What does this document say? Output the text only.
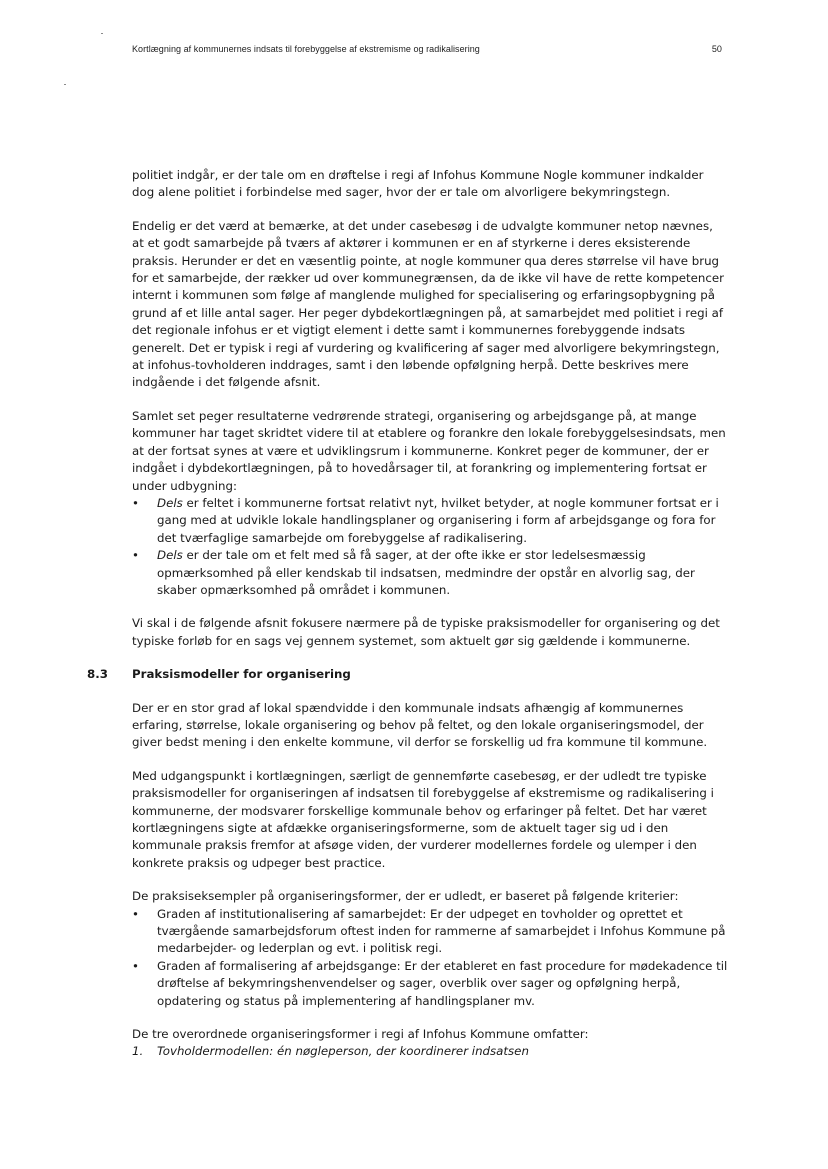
Kortlægning af kommunernes indsats til forebyggelse af ekstremisme og radikalisering	50

politiet indgår, er der tale om en drøftelse i regi af Infohus Kommune Nogle kommuner indkalder dog alene politiet i forbindelse med sager, hvor der er tale om alvorligere bekymringstegn.

Endelig er det værd at bemærke, at det under casebesøg i de udvalgte kommuner netop nævnes, at et godt samarbejde på tværs af aktører i kommunen er en af styrkerne i deres eksisterende praksis. Herunder er det en væsentlig pointe, at nogle kommuner qua deres størrelse vil have brug for et samarbejde, der rækker ud over kommunegrænsen, da de ikke vil have de rette kompetencer internt i kommunen som følge af manglende mulighed for specialisering og erfaringsopbygning på grund af et lille antal sager. Her peger dybdekortlægningen på, at samarbejdet med politiet i regi af det regionale infohus er et vigtigt element i dette samt i kommunernes forebyggende indsats generelt. Det er typisk i regi af vurdering og kvalificering af sager med alvorligere bekymringstegn, at infohus-tovholderen inddrages, samt i den løbende opfølgning herpå. Dette beskrives mere indgående i det følgende afsnit.

Samlet set peger resultaterne vedrørende strategi, organisering og arbejdsgange på, at mange kommuner har taget skridtet videre til at etablere og forankre den lokale forebyggelsesindsats, men at der fortsat synes at være et udviklingsrum i kommunerne. Konkret peger de kommuner, der er indgået i dybdekortlægningen, på to hovedårsager til, at forankring og implementering fortsat er under udbygning:

• Dels er feltet i kommunerne fortsat relativt nyt, hvilket betyder, at nogle kommuner fortsat er i gang med at udvikle lokale handlingsplaner og organisering i form af arbejdsgange og fora for det tværfaglige samarbejde om forebyggelse af radikalisering.
• Dels er der tale om et felt med så få sager, at der ofte ikke er stor ledelsesmæssig opmærksomhed på eller kendskab til indsatsen, medmindre der opstår en alvorlig sag, der skaber opmærksomhed på området i kommunen.

Vi skal i de følgende afsnit fokusere nærmere på de typiske praksismodeller for organisering og det typiske forløb for en sags vej gennem systemet, som aktuelt gør sig gældende i kommunerne.

8.3 Praksismodeller for organisering

Der er en stor grad af lokal spændvidde i den kommunale indsats afhængig af kommunernes erfaring, størrelse, lokale organisering og behov på feltet, og den lokale organiseringsmodel, der giver bedst mening i den enkelte kommune, vil derfor se forskellig ud fra kommune til kommune.

Med udgangspunkt i kortlægningen, særligt de gennemførte casebesøg, er der udledt tre typiske praksismodeller for organiseringen af indsatsen til forebyggelse af ekstremisme og radikalisering i kommunerne, der modsvarer forskellige kommunale behov og erfaringer på feltet. Det har været kortlægningens sigte at afdække organiseringsformerne, som de aktuelt tager sig ud i den kommunale praksis fremfor at afsøge viden, der vurderer modellernes fordele og ulemper i den konkrete praksis og udpeger best practice.

De praksiseksempler på organiseringsformer, der er udledt, er baseret på følgende kriterier:

• Graden af institutionalisering af samarbejdet: Er der udpeget en tovholder og oprettet et tværgående samarbejdsforum oftest inden for rammerne af samarbejdet i Infohus Kommune på medarbejder- og lederplan og evt. i politisk regi.
• Graden af formalisering af arbejdsgange: Er der etableret en fast procedure for mødekadence til drøftelse af bekymringshenvendelser og sager, overblik over sager og opfølgning herpå, opdatering og status på implementering af handlingsplaner mv.

De tre overordnede organiseringsformer i regi af Infohus Kommune omfatter:

1. Tovholdermodellen: én nøgleperson, der koordinerer indsatsen
